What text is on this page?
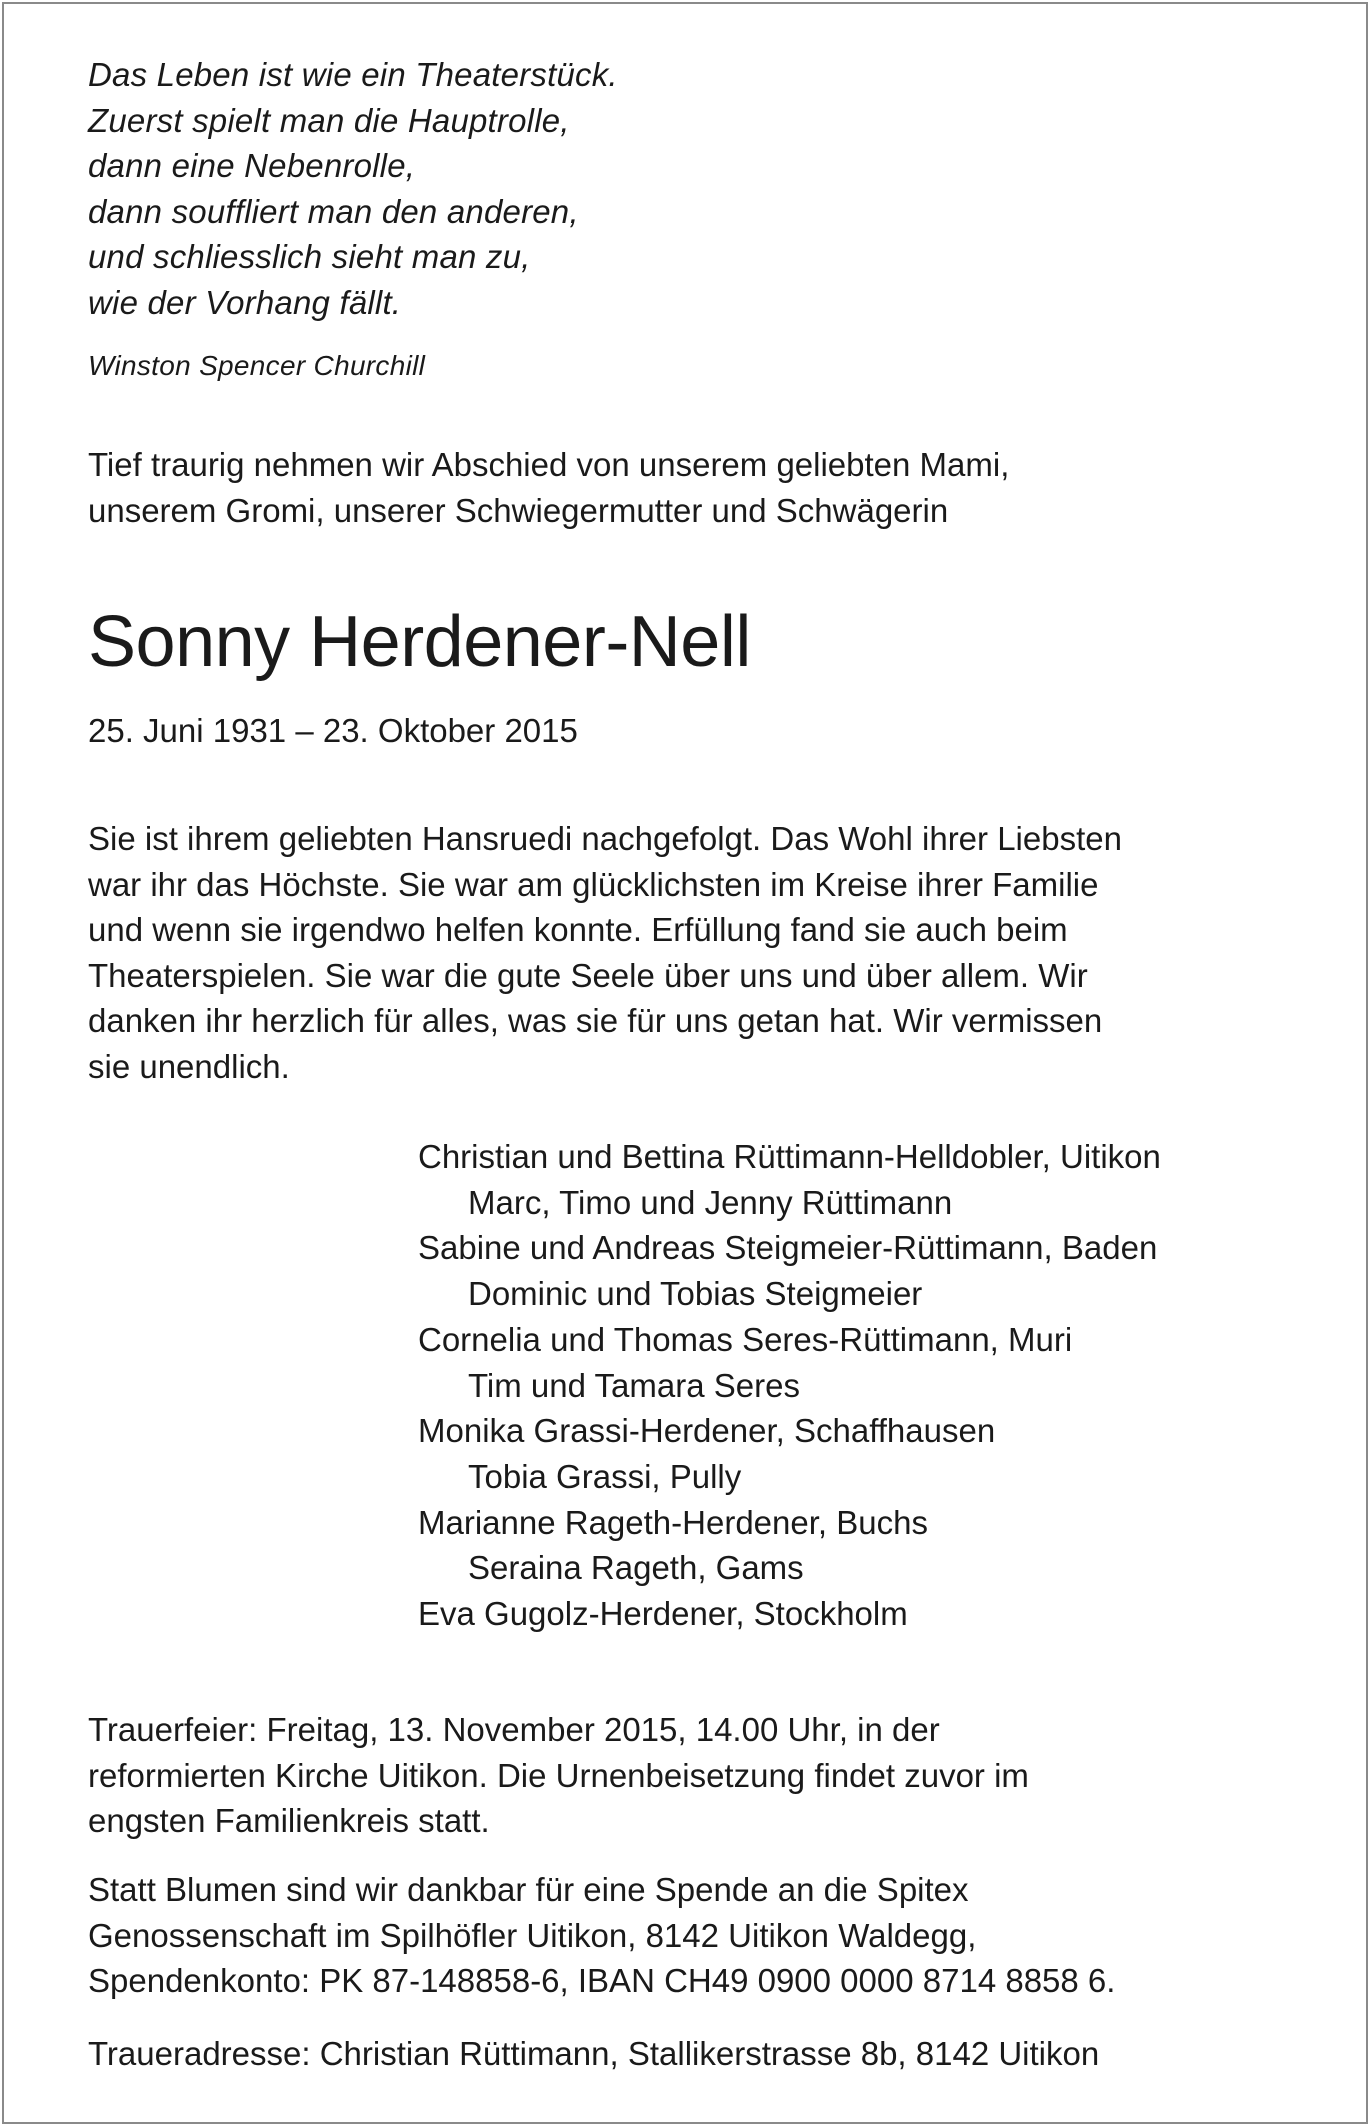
Das Leben ist wie ein Theaterstück.
Zuerst spielt man die Hauptrolle,
dann eine Nebenrolle,
dann souffliert man den anderen,
und schliesslich sieht man zu,
wie der Vorhang fällt.
Winston Spencer Churchill
Tief traurig nehmen wir Abschied von unserem geliebten Mami,
unserem Gromi, unserer Schwiegermutter und Schwägerin
Sonny Herdener-Nell
25. Juni 1931 – 23. Oktober 2015
Sie ist ihrem geliebten Hansruedi nachgefolgt. Das Wohl ihrer Liebsten
war ihr das Höchste. Sie war am glücklichsten im Kreise ihrer Familie
und wenn sie irgendwo helfen konnte. Erfüllung fand sie auch beim
Theaterspielen. Sie war die gute Seele über uns und über allem. Wir
danken ihr herzlich für alles, was sie für uns getan hat. Wir vermissen
sie unendlich.
Christian und Bettina Rüttimann-Helldobler, Uitikon
Marc, Timo und Jenny Rüttimann
Sabine und Andreas Steigmeier-Rüttimann, Baden
Dominic und Tobias Steigmeier
Cornelia und Thomas Seres-Rüttimann, Muri
Tim und Tamara Seres
Monika Grassi-Herdener, Schaffhausen
Tobia Grassi, Pully
Marianne Rageth-Herdener, Buchs
Seraina Rageth, Gams
Eva Gugolz-Herdener, Stockholm
Trauerfeier: Freitag, 13. November 2015, 14.00 Uhr, in der
reformierten Kirche Uitikon. Die Urnenbeisetzung findet zuvor im
engsten Familienkreis statt.
Statt Blumen sind wir dankbar für eine Spende an die Spitex
Genossenschaft im Spilhöfler Uitikon, 8142 Uitikon Waldegg,
Spendenkonto: PK 87-148858-6, IBAN CH49 0900 0000 8714 8858 6.
Traueradresse: Christian Rüttimann, Stallikerstrasse 8b, 8142 Uitikon
